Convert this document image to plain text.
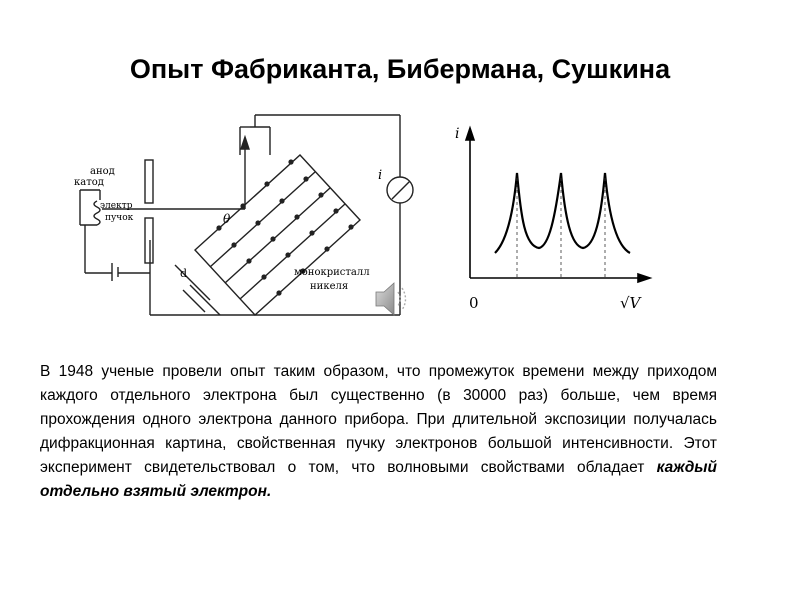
Опыт Фабриканта, Бибермана, Сушкина
анод
катод
электр
пучок	θ
d	монокристалл
никеля
i
i
0	√V
В 1948 ученые провели опыт таким образом, что промежуток времени между приходом каждого отдельного электрона был существенно (в 30000 раз) больше, чем время прохождения одного электрона данного прибора. При длительной экспозиции получалась дифракционная картина, свойственная пучку электронов большой интенсивности. Этот эксперимент свидетельствовал о том, что волновыми свойствами обладает каждый отдельно взятый электрон.
